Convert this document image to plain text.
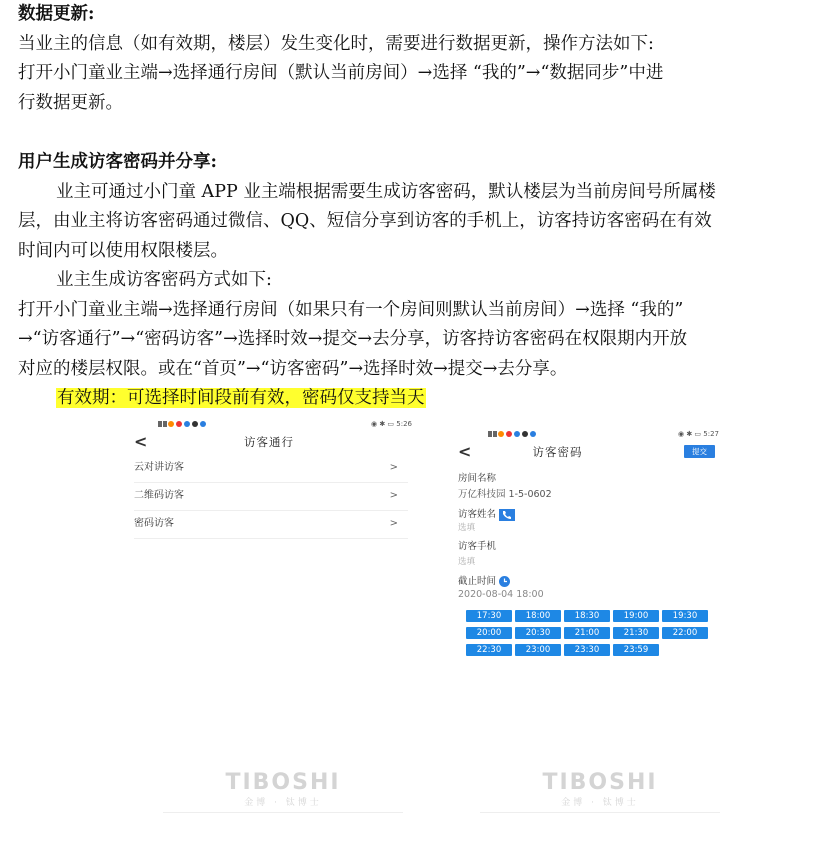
数据更新:

当业主的信息（如有效期，楼层）发生变化时，需要进行数据更新，操作方法如下:

打开小门童业主端→选择通行房间（默认当前房间）→选择 “我的”→“数据同步”中进

行数据更新。

用户生成访客密码并分享:

业主可通过小门童 APP 业主端根据需要生成访客密码，默认楼层为当前房间号所属楼

层，由业主将访客密码通过微信、QQ、短信分享到访客的手机上，访客持访客密码在有效

时间内可以使用权限楼层。

业主生成访客密码方式如下:

打开小门童业主端→选择通行房间（如果只有一个房间则默认当前房间）→选择 “我的”

→“访客通行”→“密码访客”→选择时效→提交→去分享，访客持访客密码在权限期内开放

对应的楼层权限。或在“首页”→“访客密码”→选择时效→提交→去分享。

有效期：可选择时间段前有效，密码仅支持当天

◉ ✱ ▭ 5:26
<	访客通行
云对讲访客	>
二维码访客	>
密码访客	>
◉ ✱ ▭ 5:27
<	访客密码	提交
房间名称
万亿科技园 1-5-0602
访客姓名
选填
访客手机
选填
截止时间
2020-08-04 18:00
17:30	18:00	18:30	19:00	19:30
20:00	20:30	21:00	21:30	22:00
22:30	23:00	23:30	23:59
TIBOSHI
金博 · 钛博士
TIBOSHI
金博 · 钛博士
